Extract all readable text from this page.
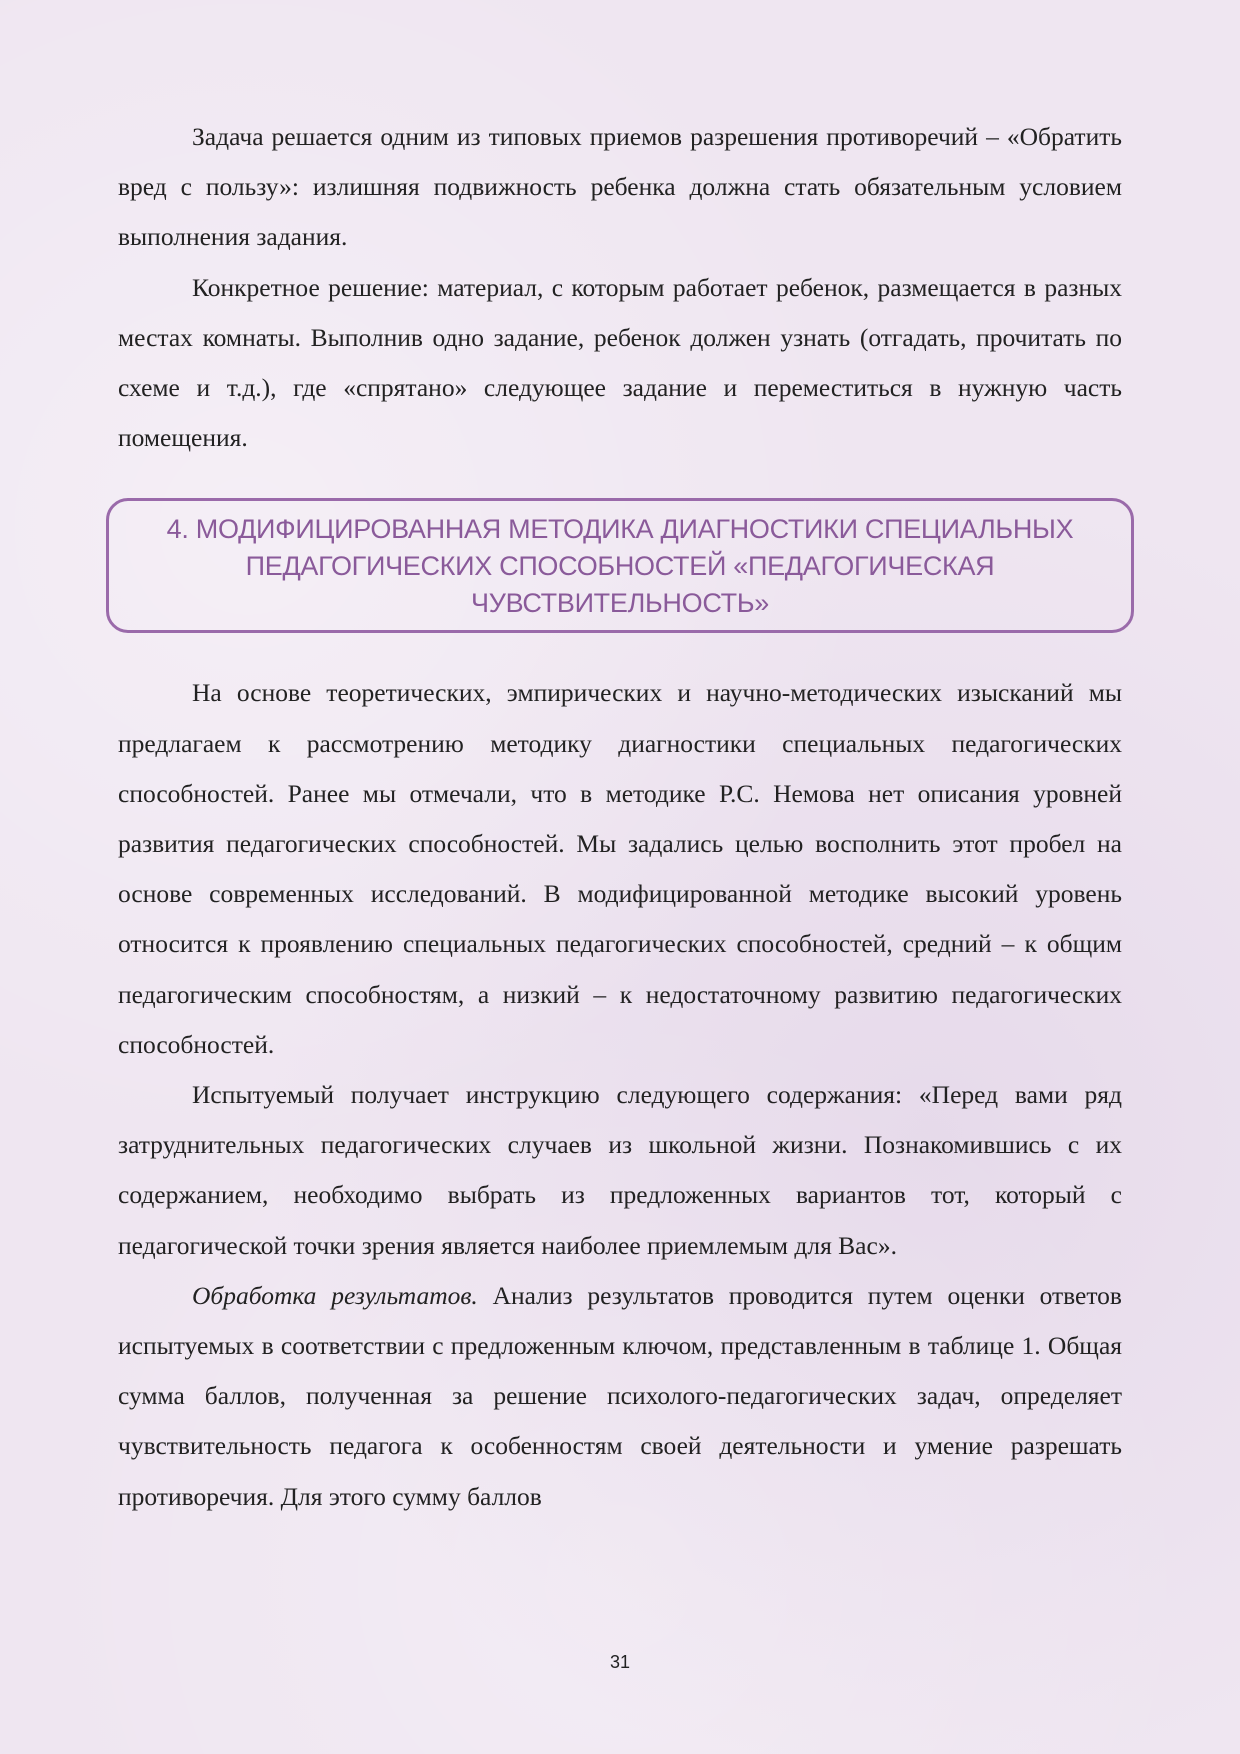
Задача решается одним из типовых приемов разрешения противоречий – «Обратить вред с пользу»: излишняя подвижность ребенка должна стать обязательным условием выполнения задания.

Конкретное решение: материал, с которым работает ребенок, размещается в разных местах комнаты. Выполнив одно задание, ребенок должен узнать (отгадать, прочитать по схеме и т.д.), где «спрятано» следующее задание и переместиться в нужную часть помещения.

4. МОДИФИЦИРОВАННАЯ МЕТОДИКА ДИАГНОСТИКИ СПЕЦИАЛЬНЫХ ПЕДАГОГИЧЕСКИХ СПОСОБНОСТЕЙ «ПЕДАГОГИЧЕСКАЯ ЧУВСТВИТЕЛЬНОСТЬ»

На основе теоретических, эмпирических и научно-методических изысканий мы предлагаем к рассмотрению методику диагностики специальных педагогических способностей. Ранее мы отмечали, что в методике Р.С. Немова нет описания уровней развития педагогических способностей. Мы задались целью восполнить этот пробел на основе современных исследований. В модифицированной методике высокий уровень относится к проявлению специальных педагогических способностей, средний – к общим педагогическим способностям, а низкий – к недостаточному развитию педагогических способностей.

Испытуемый получает инструкцию следующего содержания: «Перед вами ряд затруднительных педагогических случаев из школьной жизни. Познакомившись с их содержанием, необходимо выбрать из предложенных вариантов тот, который с педагогической точки зрения является наиболее приемлемым для Вас».

Обработка результатов. Анализ результатов проводится путем оценки ответов испытуемых в соответствии с предложенным ключом, представленным в таблице 1. Общая сумма баллов, полученная за решение психолого-педагогических задач, определяет чувствительность педагога к особенностям своей деятельности и умение разрешать противоречия. Для этого сумму баллов

31
